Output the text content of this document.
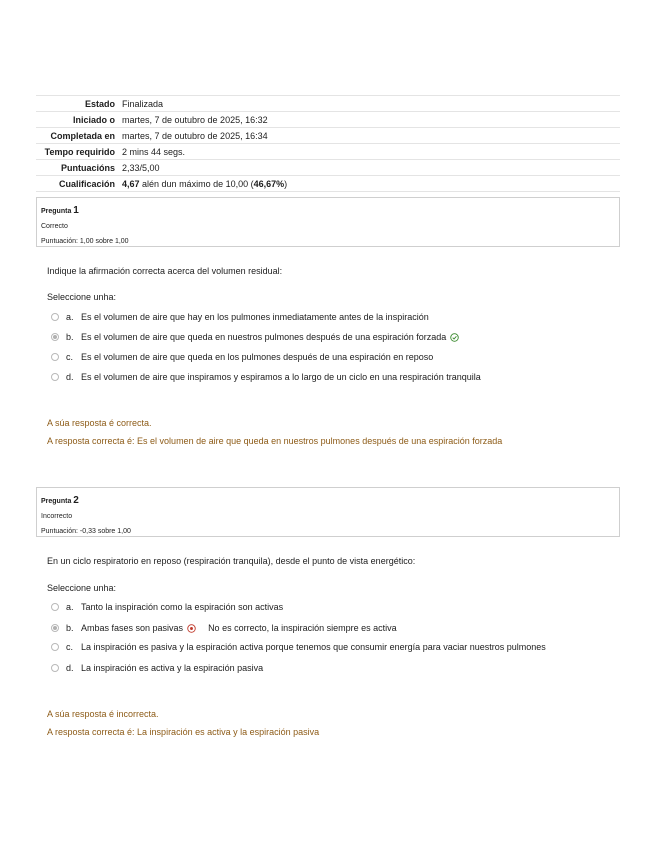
Estado Finalizada
Iniciado o martes, 7 de outubro de 2025, 16:32
Completada en martes, 7 de outubro de 2025, 16:34
Tempo requirido 2 mins 44 segs.
Puntuacións 2,33/5,00
Cualificación 4,67 alén dun máximo de 10,00 (46,67%)
Pregunta 1
Correcto
Puntuación: 1,00 sobre 1,00
Indique la afirmación correcta acerca del volumen residual:
Seleccione unha:
a. Es el volumen de aire que hay en los pulmones inmediatamente antes de la inspiración
b. Es el volumen de aire que queda en nuestros pulmones después de una espiración forzada
c. Es el volumen de aire que queda en los pulmones después de una espiración en reposo
d. Es el volumen de aire que inspiramos y espiramos a lo largo de un ciclo en una respiración tranquila
A súa resposta é correcta.
A resposta correcta é: Es el volumen de aire que queda en nuestros pulmones después de una espiración forzada
Pregunta 2
Incorrecto
Puntuación: -0,33 sobre 1,00
En un ciclo respiratorio en reposo (respiración tranquila), desde el punto de vista energético:
Seleccione unha:
a. Tanto la inspiración como la espiración son activas
b. Ambas fases son pasivas	No es correcto, la inspiración siempre es activa
c. La inspiración es pasiva y la espiración activa porque tenemos que consumir energía para vaciar nuestros pulmones
d. La inspiración es activa y la espiración pasiva
A súa resposta é incorrecta.
A resposta correcta é: La inspiración es activa y la espiración pasiva
